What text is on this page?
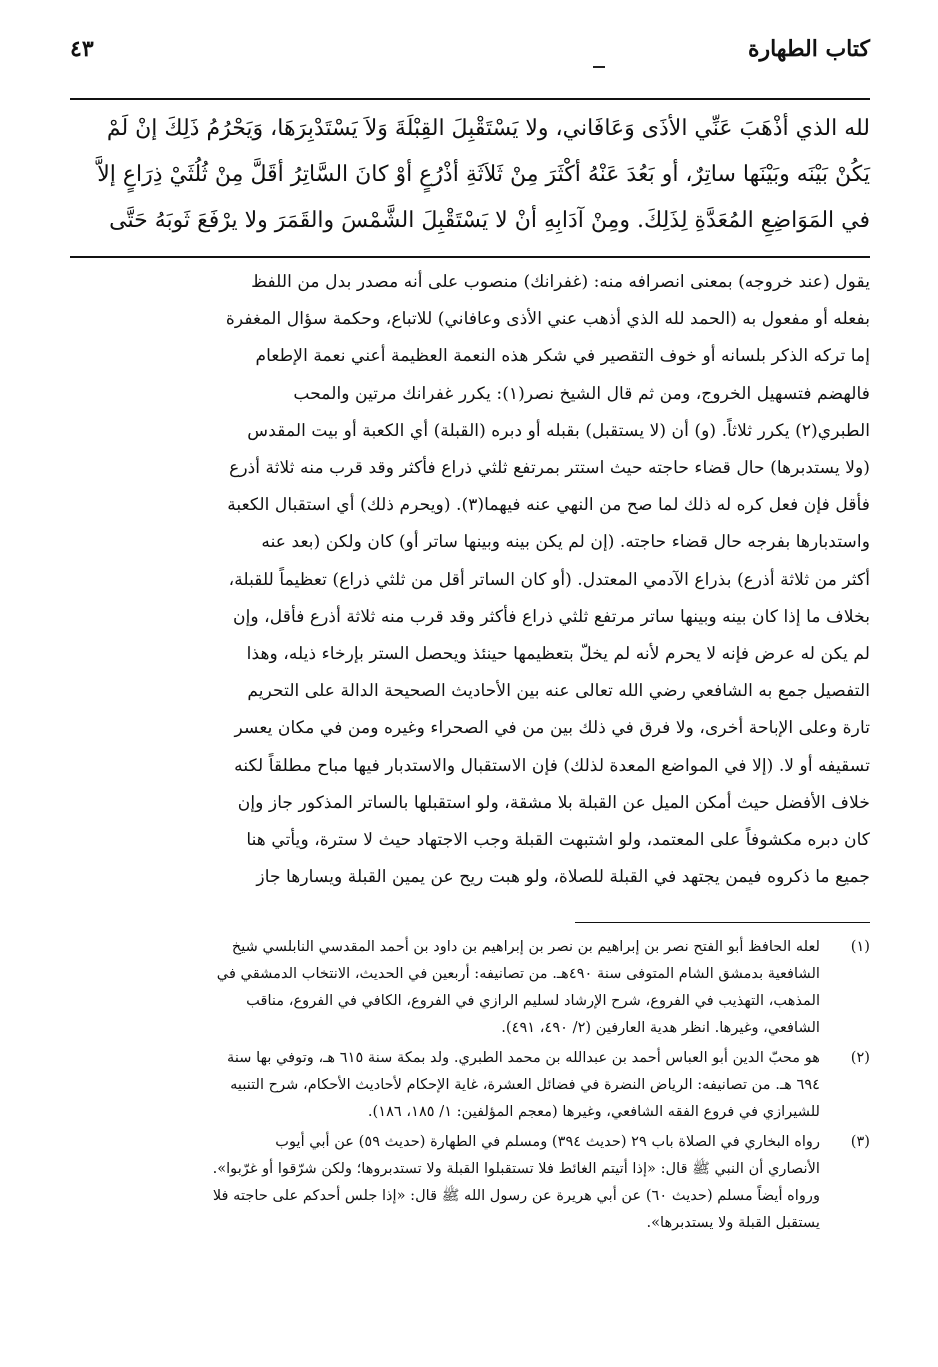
كتاب الطهارة
٤٣

لله الذي أذْهَبَ عَنِّي الأذَى وَعَافَاني، ولا يَسْتَقْبِلَ القِبْلَةَ وَلاَ يَسْتَدْبِرَهَا، وَيَحْرُمُ ذَلِكَ إنْ لَمْ

يَكُنْ بَيْنَه وبَيْنَها ساتِرٌ، أو بَعُدَ عَنْهُ أكْثَرَ مِنْ ثَلاَثَةِ أذْرُعٍ أوْ كانَ السَّاتِرُ أقَلَّ مِنْ ثُلُثَيْ ذِرَاعٍ إلاَّ

في المَوَاضِعِ المُعَدَّةِ لِذَلِكَ. ومِنْ آدَابِهِ أنْ لا يَسْتَقْبِلَ الشَّمْسَ والقَمَرَ ولا يرْفَعَ ثَوبَهُ حَتَّى

يقول (عند خروجه) بمعنى انصرافه منه: (غفرانك) منصوب على أنه مصدر بدل من اللفظ
بفعله أو مفعول به (الحمد لله الذي أذهب عني الأذى وعافاني) للاتباع، وحكمة سؤال المغفرة
إما تركه الذكر بلسانه أو خوف التقصير في شكر هذه النعمة العظيمة أعني نعمة الإطعام
فالهضم فتسهيل الخروج، ومن ثم قال الشيخ نصر(١): يكرر غفرانك مرتين والمحب
الطبري(٢) يكرر ثلاثاً. (و) أن (لا يستقبل) بقبله أو دبره (القبلة) أي الكعبة أو بيت المقدس
(ولا يستدبرها) حال قضاء حاجته حيث استتر بمرتفع ثلثي ذراع فأكثر وقد قرب منه ثلاثة أذرع
فأقل فإن فعل كره له ذلك لما صح من النهي عنه فيهما(٣). (ويحرم ذلك) أي استقبال الكعبة
واستدبارها بفرجه حال قضاء حاجته. (إن لم يكن بينه وبينها ساتر أو) كان ولكن (بعد عنه
أكثر من ثلاثة أذرع) بذراع الآدمي المعتدل. (أو كان الساتر أقل من ثلثي ذراع) تعظيماً للقبلة،
بخلاف ما إذا كان بينه وبينها ساتر مرتفع ثلثي ذراع فأكثر وقد قرب منه ثلاثة أذرع فأقل، وإن
لم يكن له عرض فإنه لا يحرم لأنه لم يخلّ بتعظيمها حينئذ ويحصل الستر بإرخاء ذيله، وهذا
التفصيل جمع به الشافعي رضي الله تعالى عنه بين الأحاديث الصحيحة الدالة على التحريم
تارة وعلى الإباحة أخرى، ولا فرق في ذلك بين من في الصحراء وغيره ومن في مكان يعسر
تسقيفه أو لا. (إلا في المواضع المعدة لذلك) فإن الاستقبال والاستدبار فيها مباح مطلقاً لكنه
خلاف الأفضل حيث أمكن الميل عن القبلة بلا مشقة، ولو استقبلها بالساتر المذكور جاز وإن
كان دبره مكشوفاً على المعتمد، ولو اشتبهت القبلة وجب الاجتهاد حيث لا سترة، ويأتي هنا
جميع ما ذكروه فيمن يجتهد في القبلة للصلاة، ولو هبت ريح عن يمين القبلة ويسارها جاز
(١)
لعله الحافظ أبو الفتح نصر بن إبراهيم بن نصر بن إبراهيم بن داود بن أحمد المقدسي النابلسي شيخ
الشافعية بدمشق الشام المتوفى سنة ٤٩٠هـ. من تصانيفه: أربعين في الحديث، الانتخاب الدمشقي في
المذهب، التهذيب في الفروع، شرح الإرشاد لسليم الرازي في الفروع، الكافي في الفروع، مناقب
الشافعي، وغيرها. انظر هدية العارفين (٢/ ٤٩٠، ٤٩١).
(٢)
هو محبّ الدين أبو العباس أحمد بن عبدالله بن محمد الطبري. ولد بمكة سنة ٦١٥ هـ، وتوفي بها سنة
٦٩٤ هـ. من تصانيفه: الرياض النضرة في فضائل العشرة، غاية الإحكام لأحاديث الأحكام، شرح التنبيه
للشيرازي في فروع الفقه الشافعي، وغيرها (معجم المؤلفين: ١/ ١٨٥، ١٨٦).
(٣)
رواه البخاري في الصلاة باب ٢٩ (حديث ٣٩٤) ومسلم في الطهارة (حديث ٥٩) عن أبي أيوب
الأنصاري أن النبي ﷺ قال: «إذا أتيتم الغائط فلا تستقبلوا القبلة ولا تستدبروها؛ ولكن شرّقوا أو غرّبوا».
ورواه أيضاً مسلم (حديث ٦٠) عن أبي هريرة عن رسول الله ﷺ قال: «إذا جلس أحدكم على حاجته فلا
يستقبل القبلة ولا يستدبرها».
